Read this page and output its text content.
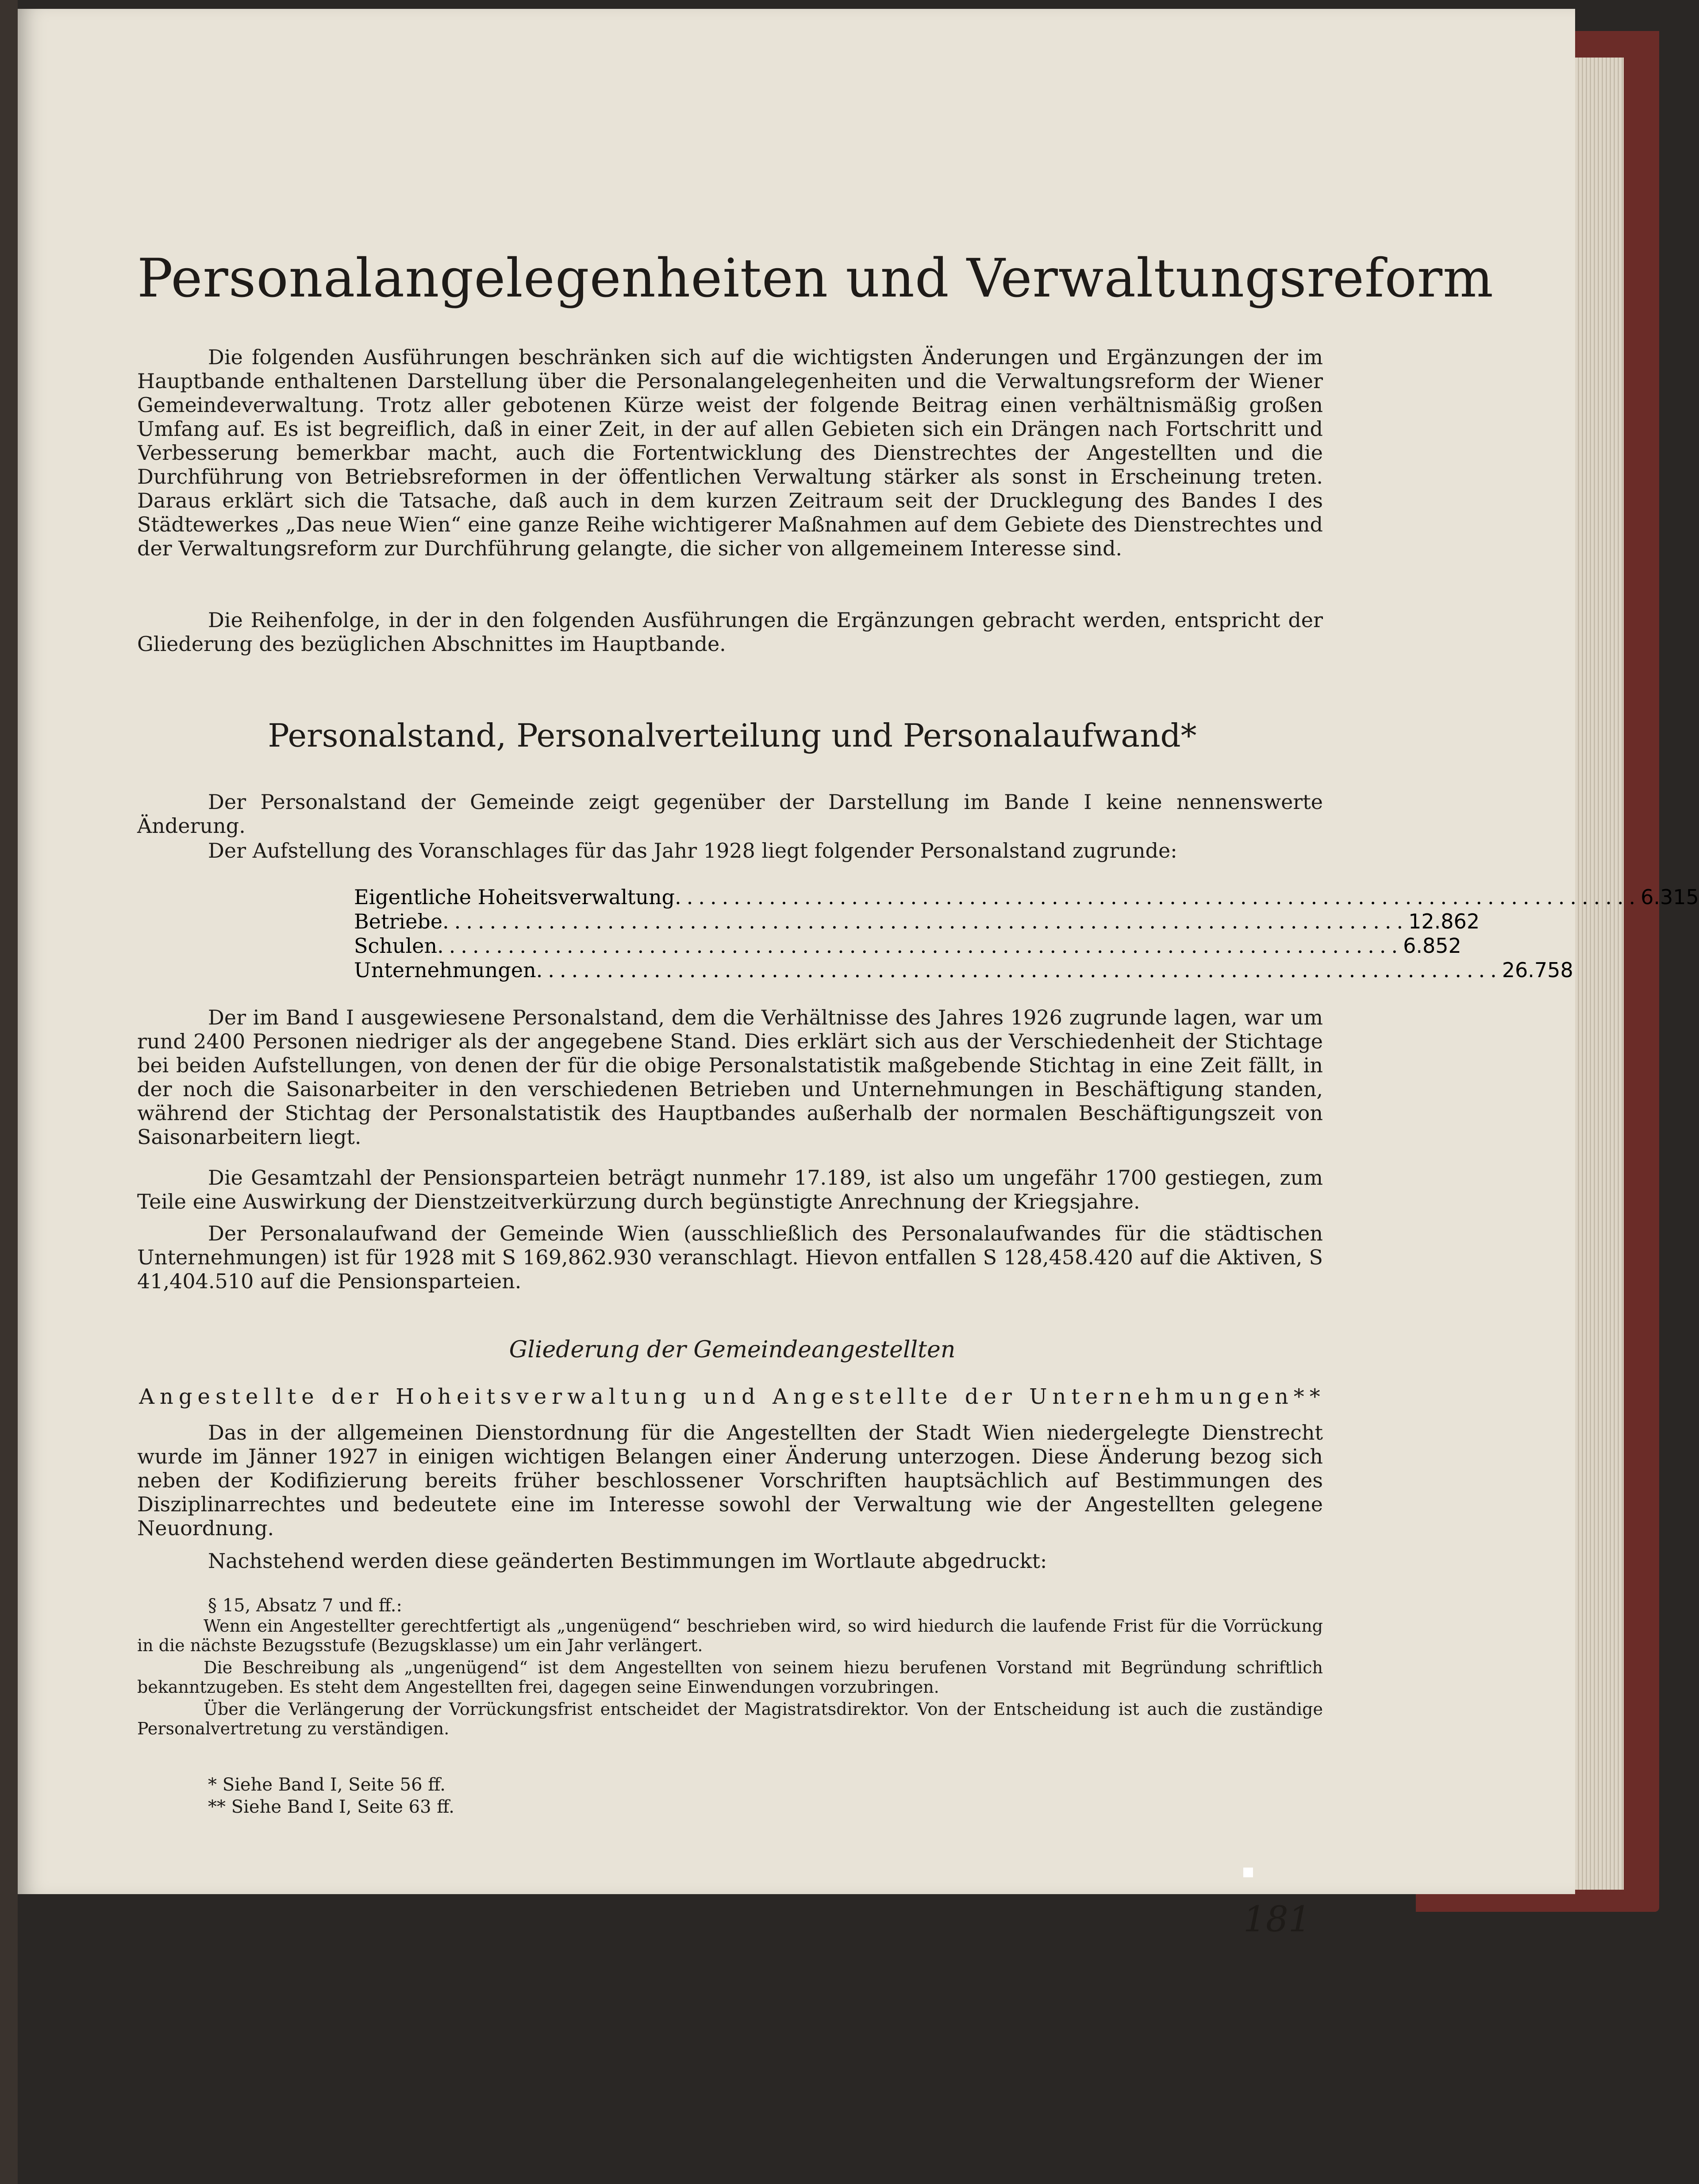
Personalangelegenheiten und Verwaltungsreform
Die folgenden Ausführungen beschränken sich auf die wichtigsten Änderungen und Ergänzungen der im Hauptbande enthaltenen Darstellung über die Personalangelegenheiten und die Verwaltungsreform der Wiener Gemeindeverwaltung. Trotz aller gebotenen Kürze weist der folgende Beitrag einen verhältnismäßig großen Umfang auf. Es ist begreiflich, daß in einer Zeit, in der auf allen Gebieten sich ein Drängen nach Fortschritt und Verbesserung bemerkbar macht, auch die Fortentwicklung des Dienstrechtes der Angestellten und die Durchführung von Betriebsreformen in der öffentlichen Verwaltung stärker als sonst in Erscheinung treten. Daraus erklärt sich die Tatsache, daß auch in dem kurzen Zeitraum seit der Drucklegung des Bandes I des Städtewerkes „Das neue Wien“ eine ganze Reihe wichtigerer Maßnahmen auf dem Gebiete des Dienstrechtes und der Verwaltungsreform zur Durchführung gelangte, die sicher von allgemeinem Interesse sind.
Die Reihenfolge, in der in den folgenden Ausführungen die Ergänzungen gebracht werden, entspricht der Gliederung des bezüglichen Abschnittes im Hauptbande.
Personalstand, Personalverteilung und Personalaufwand*
Der Personalstand der Gemeinde zeigt gegenüber der Darstellung im Bande I keine nennenswerte Änderung.
Der Aufstellung des Voranschlages für das Jahr 1928 liegt folgender Personalstand zugrunde:
Eigentliche Hoheitsverwaltung .................................................................................. 6.315
Betriebe .................................................................................. 12.862
Schulen .................................................................................. 6.852
Unternehmungen .................................................................................. 26.758
Der im Band I ausgewiesene Personalstand, dem die Verhältnisse des Jahres 1926 zugrunde lagen, war um rund 2400 Personen niedriger als der angegebene Stand. Dies erklärt sich aus der Verschiedenheit der Stichtage bei beiden Aufstellungen, von denen der für die obige Personalstatistik maßgebende Stichtag in eine Zeit fällt, in der noch die Saisonarbeiter in den verschiedenen Betrieben und Unternehmungen in Beschäftigung standen, während der Stichtag der Personalstatistik des Hauptbandes außerhalb der normalen Beschäftigungszeit von Saisonarbeitern liegt.
Die Gesamtzahl der Pensionsparteien beträgt nunmehr 17.189, ist also um ungefähr 1700 gestiegen, zum Teile eine Auswirkung der Dienstzeitverkürzung durch begünstigte Anrechnung der Kriegsjahre.
Der Personalaufwand der Gemeinde Wien (ausschließlich des Personalaufwandes für die städtischen Unternehmungen) ist für 1928 mit S 169,862.930 veranschlagt. Hievon entfallen S 128,458.420 auf die Aktiven, S 41,404.510 auf die Pensionsparteien.
Gliederung der Gemeindeangestellten
Angestellte der Hoheitsverwaltung und Angestellte der Unternehmungen**
Das in der allgemeinen Dienstordnung für die Angestellten der Stadt Wien niedergelegte Dienstrecht wurde im Jänner 1927 in einigen wichtigen Belangen einer Änderung unterzogen. Diese Änderung bezog sich neben der Kodifizierung bereits früher beschlossener Vorschriften hauptsächlich auf Bestimmungen des Disziplinarrechtes und bedeutete eine im Interesse sowohl der Verwaltung wie der Angestellten gelegene Neuordnung.
Nachstehend werden diese geänderten Bestimmungen im Wortlaute abgedruckt:
§ 15, Absatz 7 und ff.:
Wenn ein Angestellter gerechtfertigt als „ungenügend“ beschrieben wird, so wird hiedurch die laufende Frist für die Vorrückung in die nächste Bezugsstufe (Bezugsklasse) um ein Jahr verlängert.
Die Beschreibung als „ungenügend“ ist dem Angestellten von seinem hiezu berufenen Vorstand mit Begründung schriftlich bekanntzugeben. Es steht dem Angestellten frei, dagegen seine Einwendungen vorzubringen.
Über die Verlängerung der Vorrückungsfrist entscheidet der Magistratsdirektor. Von der Entscheidung ist auch die zuständige Personalvertretung zu verständigen.
* Siehe Band I, Seite 56 ff.
** Siehe Band I, Seite 63 ff.
181
